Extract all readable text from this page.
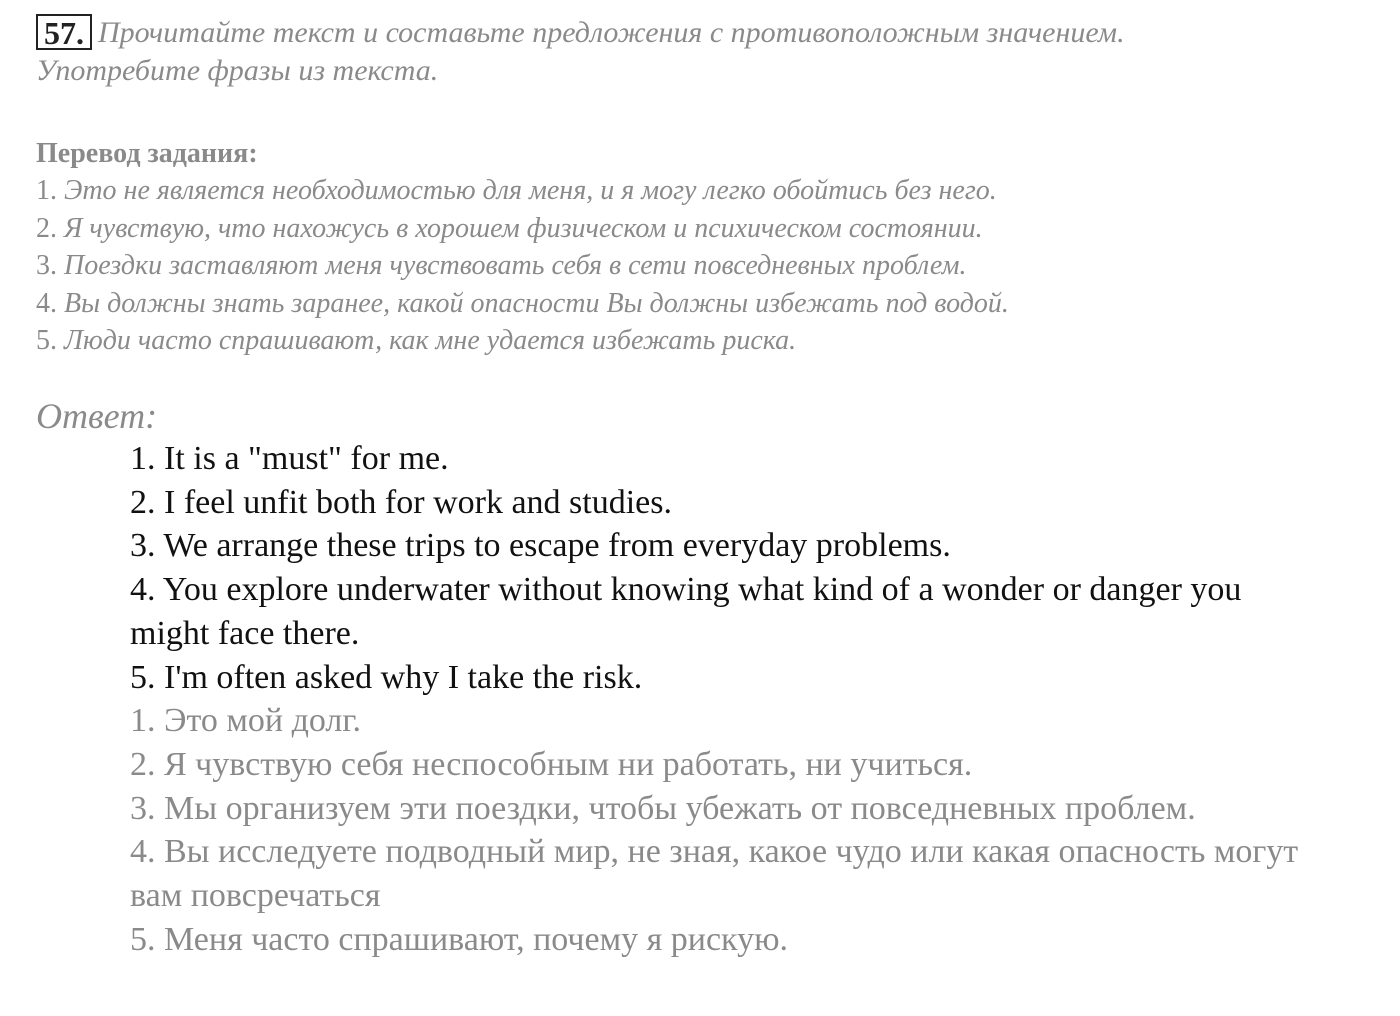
57. Прочитайте текст и составьте предложения с противоположным значением.
Употребите фразы из текста.
Перевод задания:
1. Это не является необходимостью для меня, и я могу легко обойтись без него.
2. Я чувствую, что нахожусь в хорошем физическом и психическом состоянии.
3. Поездки заставляют меня чувствовать себя в сети повседневных проблем.
4. Вы должны знать заранее, какой опасности Вы должны избежать под водой.
5. Люди часто спрашивают, как мне удается избежать риска.
Ответ:
1. It is a "must" for me.
2. I feel unfit both for work and studies.
3. We arrange these trips to escape from everyday problems.
4. You explore underwater without knowing what kind of a wonder or danger you might face there.
5. I'm often asked why I take the risk.
1. Это мой долг.
2. Я чувствую себя неспособным ни работать, ни учиться.
3. Мы организуем эти поездки, чтобы убежать от повседневных проблем.
4. Вы исследуете подводный мир, не зная, какое чудо или какая опасность могут вам повсречаться
5. Меня часто спрашивают, почему я рискую.
